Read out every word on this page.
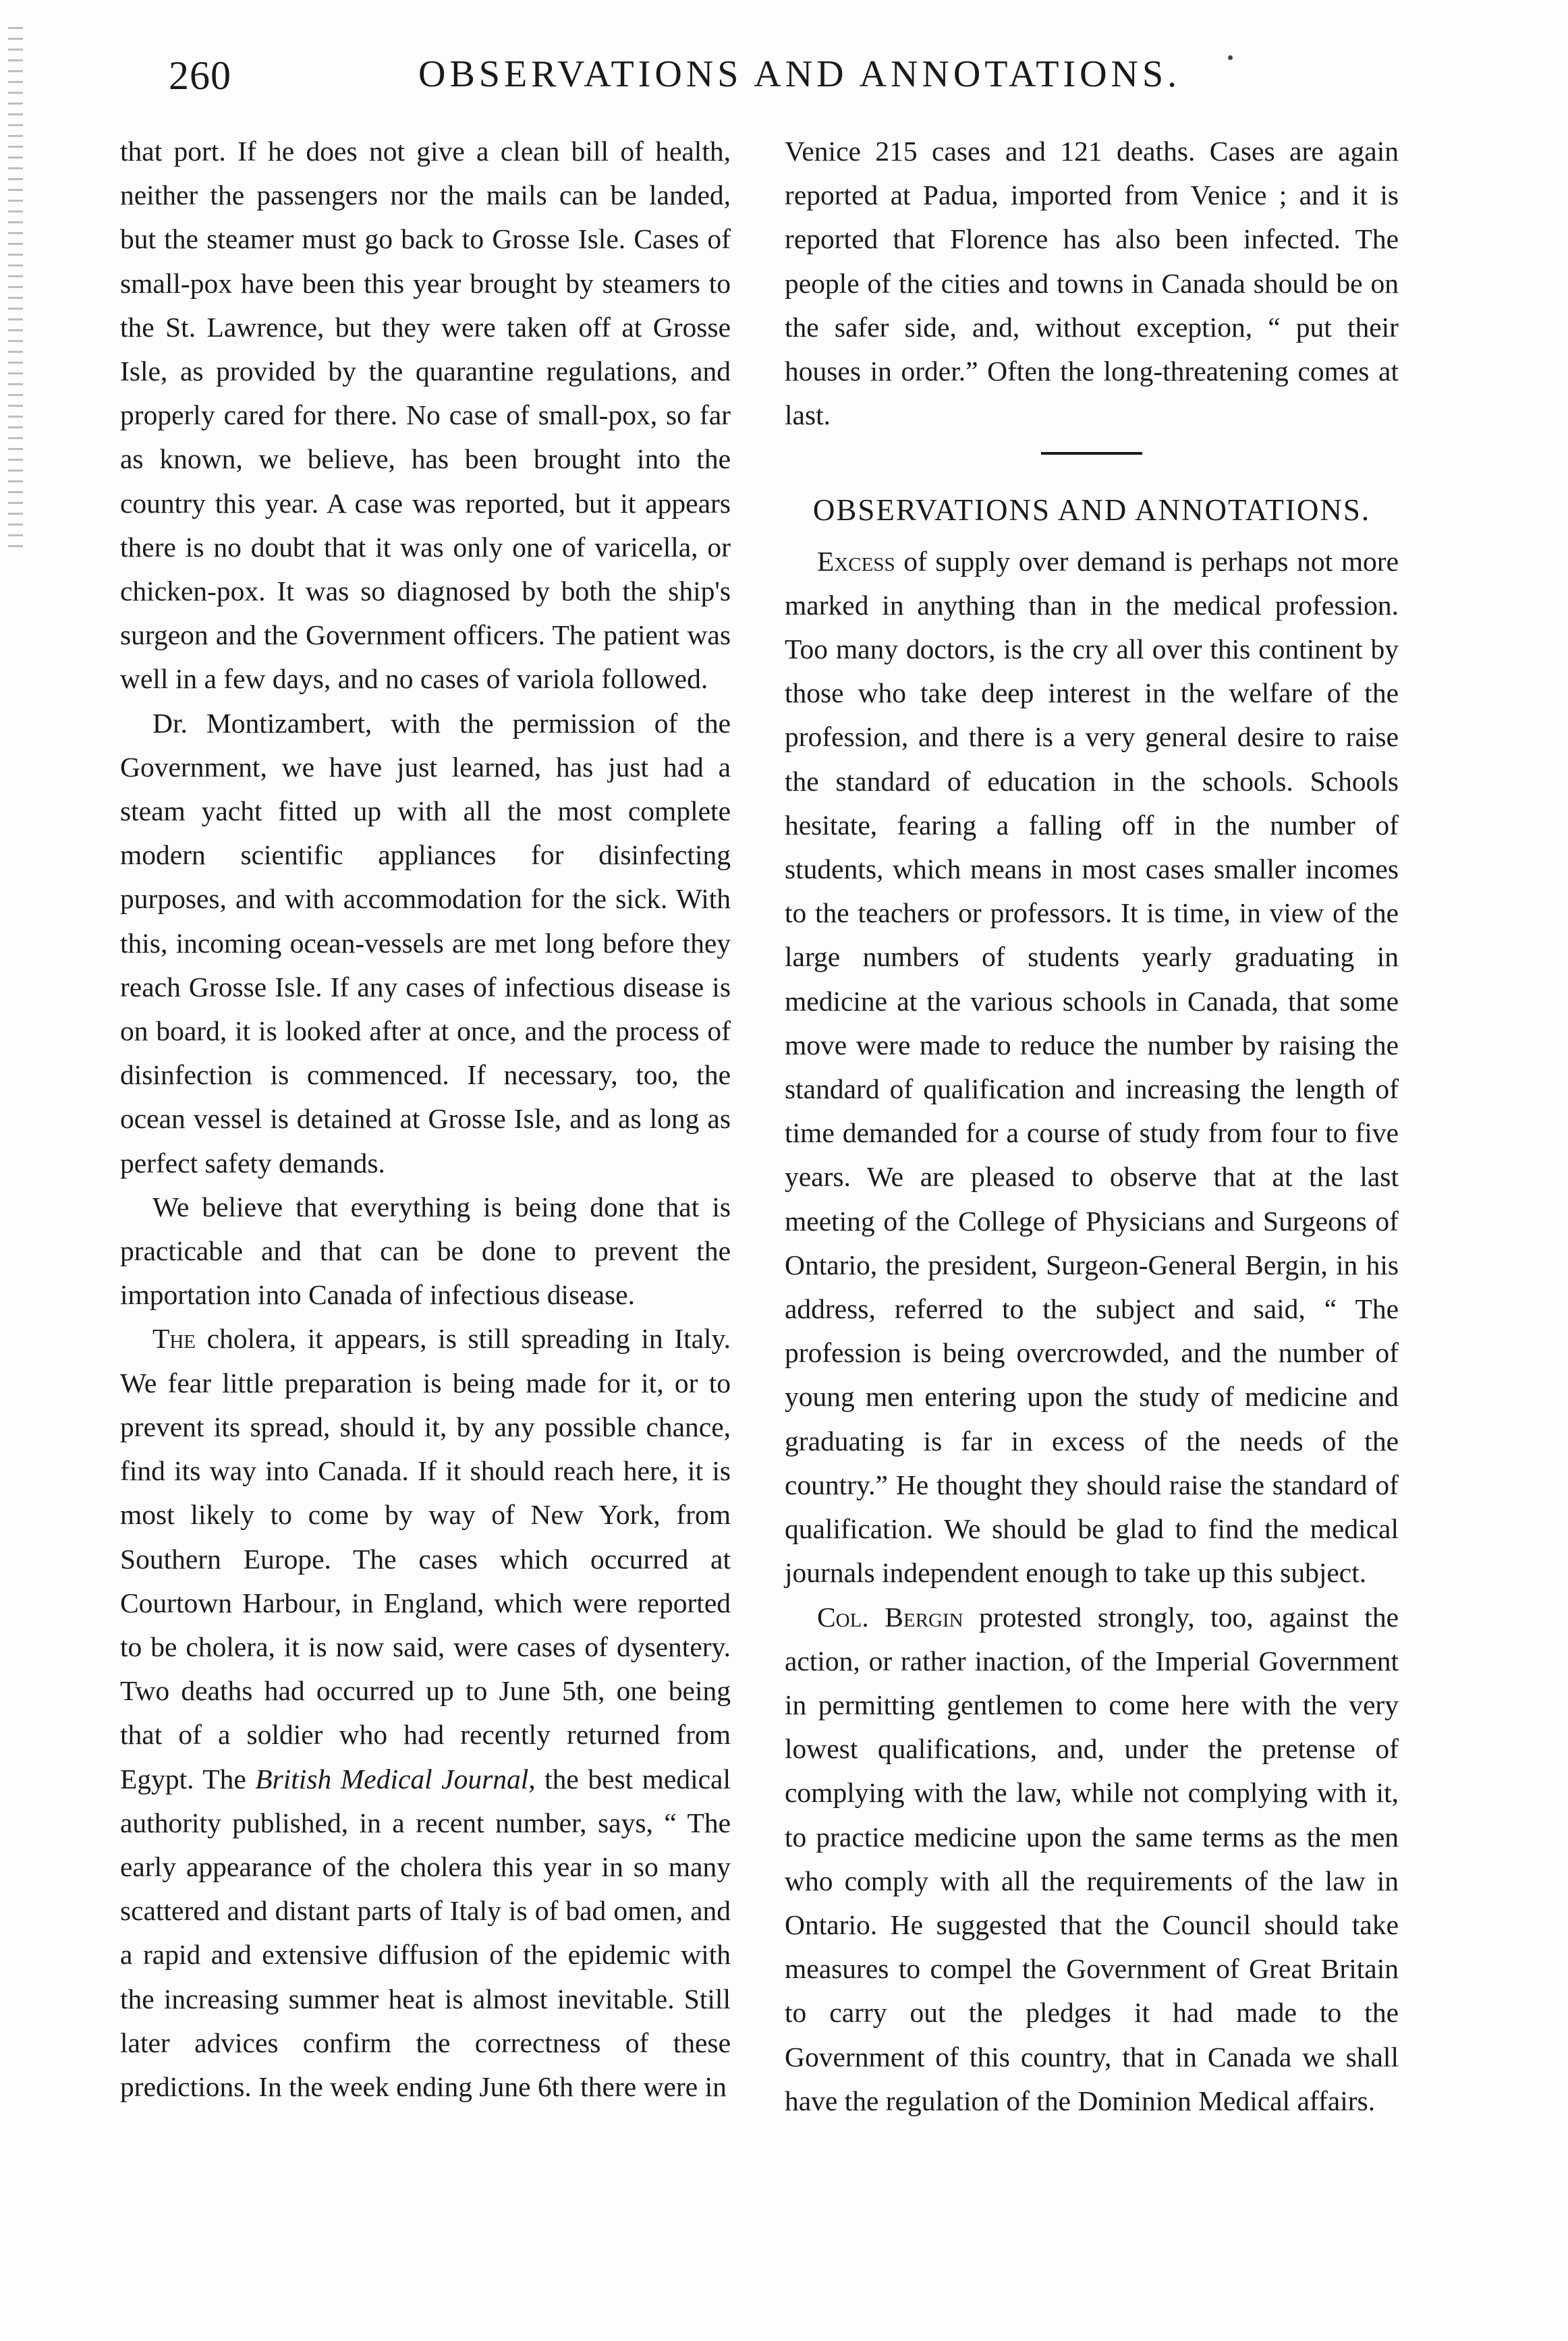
260	OBSERVATIONS AND ANNOTATIONS.

that port. If he does not give a clean bill of health, neither the passengers nor the mails can be landed, but the steamer must go back to Grosse Isle. Cases of small-pox have been this year brought by steamers to the St. Lawrence, but they were taken off at Grosse Isle, as provided by the quarantine regulations, and properly cared for there. No case of small-pox, so far as known, we believe, has been brought into the country this year. A case was reported, but it appears there is no doubt that it was only one of varicella, or chicken-pox. It was so diagnosed by both the ship's surgeon and the Government officers. The patient was well in a few days, and no cases of variola followed.

Dr. Montizambert, with the permission of the Government, we have just learned, has just had a steam yacht fitted up with all the most complete modern scientific appliances for disinfecting purposes, and with accommodation for the sick. With this, incoming ocean-vessels are met long before they reach Grosse Isle. If any cases of infectious disease is on board, it is looked after at once, and the process of disinfection is commenced. If necessary, too, the ocean vessel is detained at Grosse Isle, and as long as perfect safety demands.

We believe that everything is being done that is practicable and that can be done to prevent the importation into Canada of infectious disease.

The cholera, it appears, is still spreading in Italy. We fear little preparation is being made for it, or to prevent its spread, should it, by any possible chance, find its way into Canada. If it should reach here, it is most likely to come by way of New York, from Southern Europe. The cases which occurred at Courtown Harbour, in England, which were reported to be cholera, it is now said, were cases of dysentery. Two deaths had occurred up to June 5th, one being that of a soldier who had recently returned from Egypt. The British Medical Journal, the best medical authority published, in a recent number, says, “ The early appearance of the cholera this year in so many scattered and distant parts of Italy is of bad omen, and a rapid and extensive diffusion of the epidemic with the increasing summer heat is almost inevitable. Still later advices confirm the correctness of these predictions. In the week ending June 6th there were in

Venice 215 cases and 121 deaths. Cases are again reported at Padua, imported from Venice ; and it is reported that Florence has also been infected. The people of the cities and towns in Canada should be on the safer side, and, without exception, “ put their houses in order.” Often the long-threatening comes at last.

OBSERVATIONS AND ANNOTATIONS.

Excess of supply over demand is perhaps not more marked in anything than in the medical profession. Too many doctors, is the cry all over this continent by those who take deep interest in the welfare of the profession, and there is a very general desire to raise the standard of education in the schools. Schools hesitate, fearing a falling off in the number of students, which means in most cases smaller incomes to the teachers or professors. It is time, in view of the large numbers of students yearly graduating in medicine at the various schools in Canada, that some move were made to reduce the number by raising the standard of qualification and increasing the length of time demanded for a course of study from four to five years. We are pleased to observe that at the last meeting of the College of Physicians and Surgeons of Ontario, the president, Surgeon-General Bergin, in his address, referred to the subject and said, “ The profession is being overcrowded, and the number of young men entering upon the study of medicine and graduating is far in excess of the needs of the country.” He thought they should raise the standard of qualification. We should be glad to find the medical journals independent enough to take up this subject.

Col. Bergin protested strongly, too, against the action, or rather inaction, of the Imperial Government in permitting gentlemen to come here with the very lowest qualifications, and, under the pretense of complying with the law, while not complying with it, to practice medicine upon the same terms as the men who comply with all the requirements of the law in Ontario. He suggested that the Council should take measures to compel the Government of Great Britain to carry out the pledges it had made to the Government of this country, that in Canada we shall have the regulation of the Dominion Medical affairs.
